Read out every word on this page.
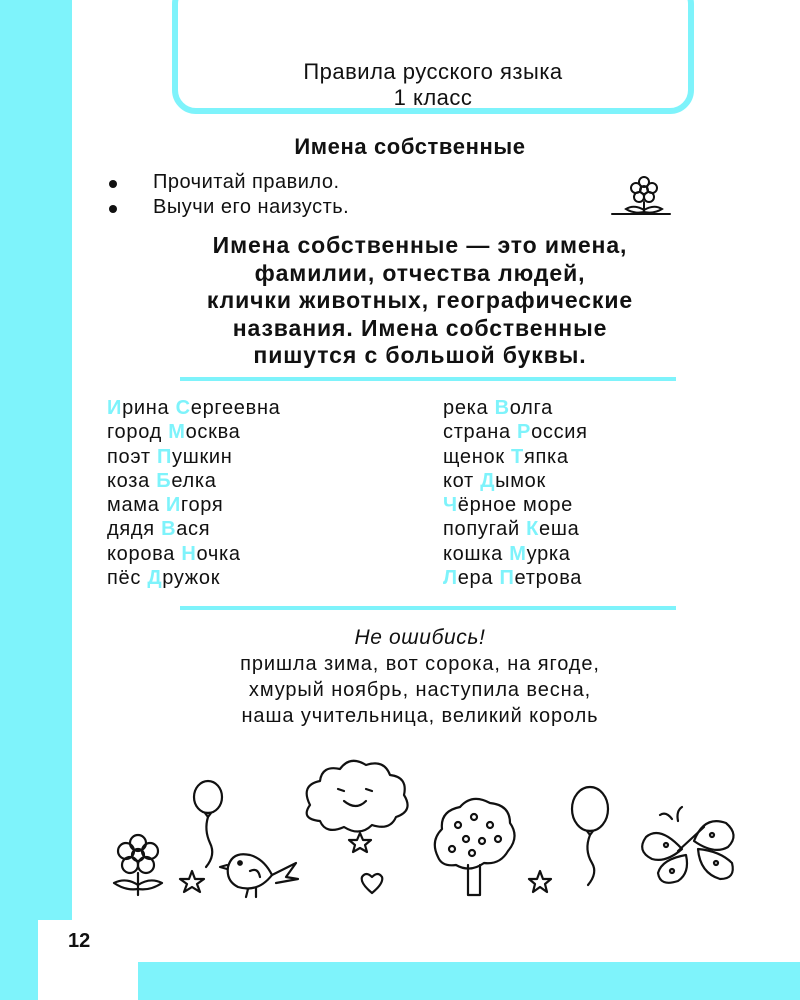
Правила русского языка
1 класс
Имена собственные
Прочитай правило.
Выучи его наизусть.
Имена собственные — это имена,
фамилии, отчества людей,
клички животных, географические
названия. Имена собственные
пишутся с большой буквы.
Ирина Сергеевна
город Москва
поэт Пушкин
коза Белка
мама Игоря
дядя Вася
корова Ночка
пёс Дружок
река Волга
страна Россия
щенок Тяпка
кот Дымок
Чёрное море
попугай Кеша
кошка Мурка
Лера Петрова
Не ошибись!
пришла зима, вот сорока, на ягоде,
хмурый ноябрь, наступила весна,
наша учительница, великий король
12
